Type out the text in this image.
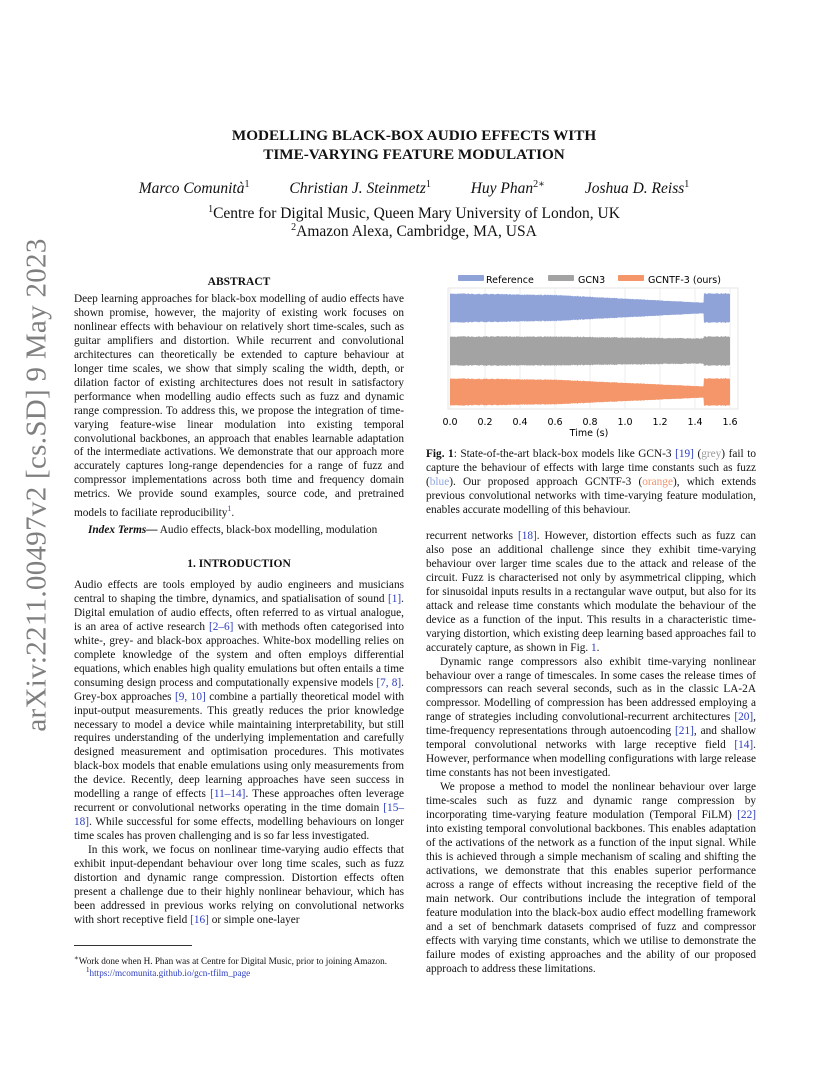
arXiv:2211.00497v2 [cs.SD] 9 May 2023
MODELLING BLACK-BOX AUDIO EFFECTS WITH
TIME-VARYING FEATURE MODULATION
Marco Comunità$^1$	Christian J. Steinmetz$^1$	Huy Phan$^{2∗}$	Joshua D. Reiss$^1$
$^1$Centre for Digital Music, Queen Mary University of London, UK
$^2$Amazon Alexa, Cambridge, MA, USA
ABSTRACT

Deep learning approaches for black-box modelling of audio effects have shown promise, however, the majority of existing work focuses on nonlinear effects with behaviour on relatively short time-scales, such as guitar amplifiers and distortion. While recurrent and convolutional architectures can theoretically be extended to capture behaviour at longer time scales, we show that simply scaling the width, depth, or dilation factor of existing architectures does not result in satisfactory performance when modelling audio effects such as fuzz and dynamic range compression. To address this, we propose the integration of time-varying feature-wise linear modulation into existing temporal convolutional backbones, an approach that enables learnable adaptation of the intermediate activations. We demonstrate that our approach more accurately captures long-range dependencies for a range of fuzz and compressor implementations across both time and frequency domain metrics. We provide sound examples, source code, and pretrained models to faciliate reproducibility$^1$.

Index Terms— Audio effects, black-box modelling, modulation
1. INTRODUCTION

Audio effects are tools employed by audio engineers and musicians central to shaping the timbre, dynamics, and spatialisation of sound [1]. Digital emulation of audio effects, often referred to as virtual analogue, is an area of active research [2–6] with methods often categorised into white-, grey- and black-box approaches. White-box modelling relies on complete knowledge of the system and often employs differential equations, which enables high quality emulations but often entails a time consuming design process and computationally expensive models [7, 8]. Grey-box approaches [9, 10] combine a partially theoretical model with input-output measurements. This greatly reduces the prior knowledge necessary to model a device while maintaining interpretability, but still requires understanding of the underlying implementation and carefully designed measurement and optimisation procedures. This motivates black-box models that enable emulations using only measurements from the device. Recently, deep learning approaches have seen success in modelling a range of effects [11–14]. These approaches often leverage recurrent or convolutional networks operating in the time domain [15–18]. While successful for some effects, modelling behaviours on longer time scales has proven challenging and is so far less investigated.

In this work, we focus on nonlinear time-varying audio effects that exhibit input-dependant behaviour over long time scales, such as fuzz distortion and dynamic range compression. Distortion effects often present a challenge due to their highly nonlinear behaviour, which has been addressed in previous works relying on convolutional networks with short receptive field [16] or simple one-layer

∗Work done when H. Phan was at Centre for Digital Music, prior to joining Amazon.
$^1$https://mcomunita.github.io/gcn-tfilm_page
Reference	GCN3	GCNTF-3 (ours)
0.0 0.2 0.4 0.6 0.8 1.0 1.2 1.4 1.6
Time (s)
Fig. 1: State-of-the-art black-box models like GCN-3 [19] (grey) fail to capture the behaviour of effects with large time constants such as fuzz (blue). Our proposed approach GCNTF-3 (orange), which extends previous convolutional networks with time-varying feature modulation, enables accurate modelling of this behaviour.

recurrent networks [18]. However, distortion effects such as fuzz can also pose an additional challenge since they exhibit time-varying behaviour over larger time scales due to the attack and release of the circuit. Fuzz is characterised not only by asymmetrical clipping, which for sinusoidal inputs results in a rectangular wave output, but also for its attack and release time constants which modulate the behaviour of the device as a function of the input. This results in a characteristic time-varying distortion, which existing deep learning based approaches fail to accurately capture, as shown in Fig. 1.

Dynamic range compressors also exhibit time-varying nonlinear behaviour over a range of timescales. In some cases the release times of compressors can reach several seconds, such as in the classic LA-2A compressor. Modelling of compression has been addressed employing a range of strategies including convolutional-recurrent architectures [20], time-frequency representations through autoencoding [21], and shallow temporal convolutional networks with large receptive field [14]. However, performance when modelling configurations with large release time constants has not been investigated.

We propose a method to model the nonlinear behaviour over large time-scales such as fuzz and dynamic range compression by incorporating time-varying feature modulation (Temporal FiLM) [22] into existing temporal convolutional backbones. This enables adaptation of the activations of the network as a function of the input signal. While this is achieved through a simple mechanism of scaling and shifting the activations, we demonstrate that this enables superior performance across a range of effects without increasing the receptive field of the main network. Our contributions include the integration of temporal feature modulation into the black-box audio effect modelling framework and a set of benchmark datasets comprised of fuzz and compressor effects with varying time constants, which we utilise to demonstrate the failure modes of existing approaches and the ability of our proposed approach to address these limitations.
